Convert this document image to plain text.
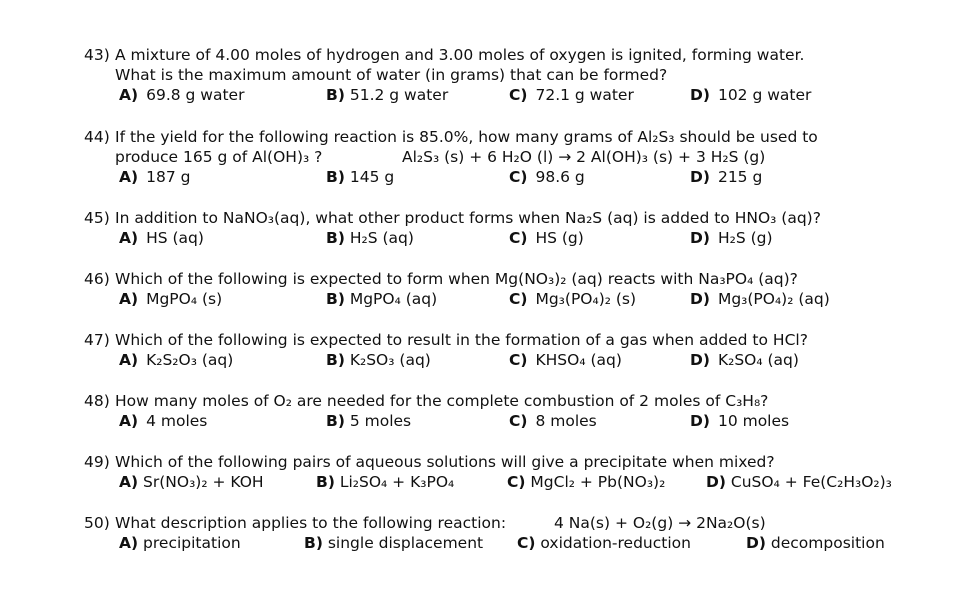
43) A mixture of 4.00 moles of hydrogen and 3.00 moles of oxygen is ignited, forming water.
What is the maximum amount of water (in grams) that can be formed?
A) 69.8 g water	B) 51.2 g water	C) 72.1 g water	D) 102 g water
44) If the yield for the following reaction is 85.0%, how many grams of Al₂S₃ should be used to
produce 165 g of Al(OH)₃ ?	Al₂S₃ (s) + 6 H₂O (l) → 2 Al(OH)₃ (s) + 3 H₂S (g)
A) 187 g	B) 145 g	C) 98.6 g	D) 215 g
45) In addition to NaNO₃(aq), what other product forms when Na₂S (aq) is added to HNO₃ (aq)?
A) HS (aq)	B) H₂S (aq)	C) HS (g)	D) H₂S (g)
46) Which of the following is expected to form when Mg(NO₃)₂ (aq) reacts with Na₃PO₄ (aq)?
A) MgPO₄ (s)	B) MgPO₄ (aq)	C) Mg₃(PO₄)₂ (s)	D) Mg₃(PO₄)₂ (aq)
47) Which of the following is expected to result in the formation of a gas when added to HCl?
A) K₂S₂O₃ (aq)	B) K₂SO₃ (aq)	C) KHSO₄ (aq)	D) K₂SO₄ (aq)
48) How many moles of O₂ are needed for the complete combustion of 2 moles of C₃H₈?
A) 4 moles	B) 5 moles	C) 8 moles	D) 10 moles
49) Which of the following pairs of aqueous solutions will give a precipitate when mixed?
A) Sr(NO₃)₂ + KOH	B) Li₂SO₄ + K₃PO₄	C) MgCl₂ + Pb(NO₃)₂	D) CuSO₄ + Fe(C₂H₃O₂)₃
50) What description applies to the following reaction:	4 Na(s) + O₂(g) → 2Na₂O(s)
A) precipitation	B) single displacement C) oxidation-reduction	D) decomposition
